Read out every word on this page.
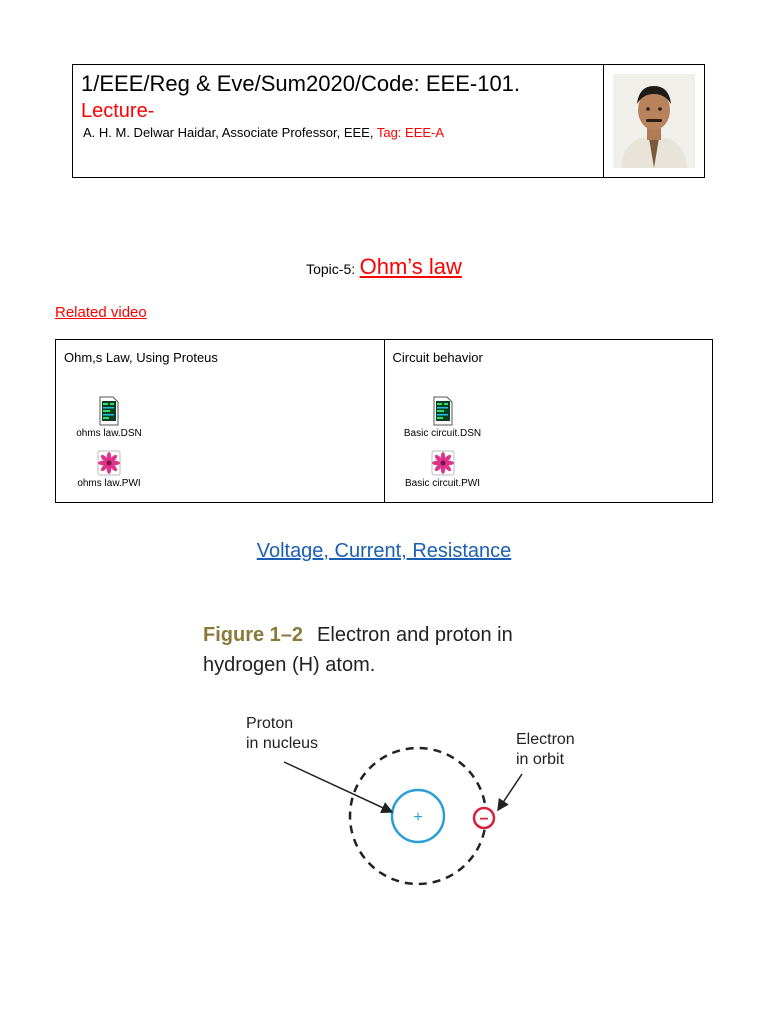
1/EEE/Reg & Eve/Sum2020/Code: EEE-101.
Lecture-
A. H. M. Delwar Haidar, Associate Professor, EEE, Tag: EEE-A
Topic-5: Ohm’s law
Related video
Ohm,s Law, Using Proteus
ohms law.DSN
ohms law.PWI
Circuit behavior
Basic circuit.DSN
Basic circuit.PWI
Voltage, Current, Resistance
Figure 1–2 Electron and proton in
hydrogen (H) atom.
Proton
in nucleus	Electron
in orbit
+	−
